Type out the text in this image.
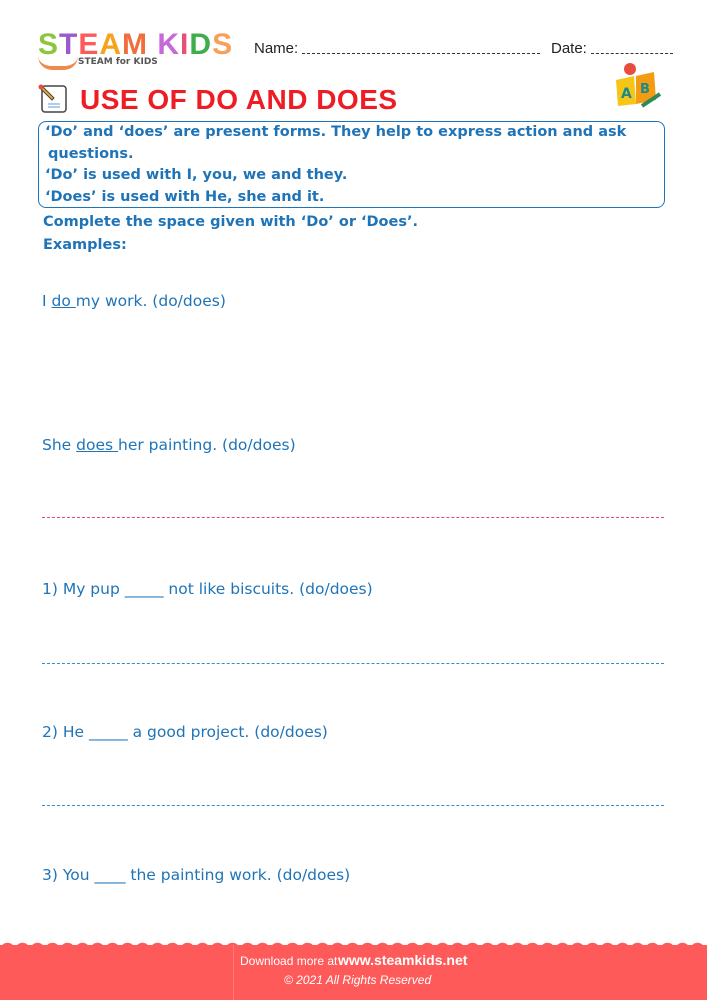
STEAM KIDS
STEAM for KIDS
Name:	Date:
A B
USE OF DO AND DOES
‘Do’ and ‘does’ are present forms. They help to express action and ask
questions.
‘Do’ is used with I, you, we and they.
‘Does’ is used with He, she and it.
Complete the space given with ‘Do’ or ‘Does’.
Examples:
I do my work. (do/does)
She does her painting. (do/does)
1) My pup _____ not like biscuits. (do/does)
2) He _____ a good project. (do/does)
3) You ____ the painting work. (do/does)
Download more at www.steamkids.net
© 2021 All Rights Reserved
